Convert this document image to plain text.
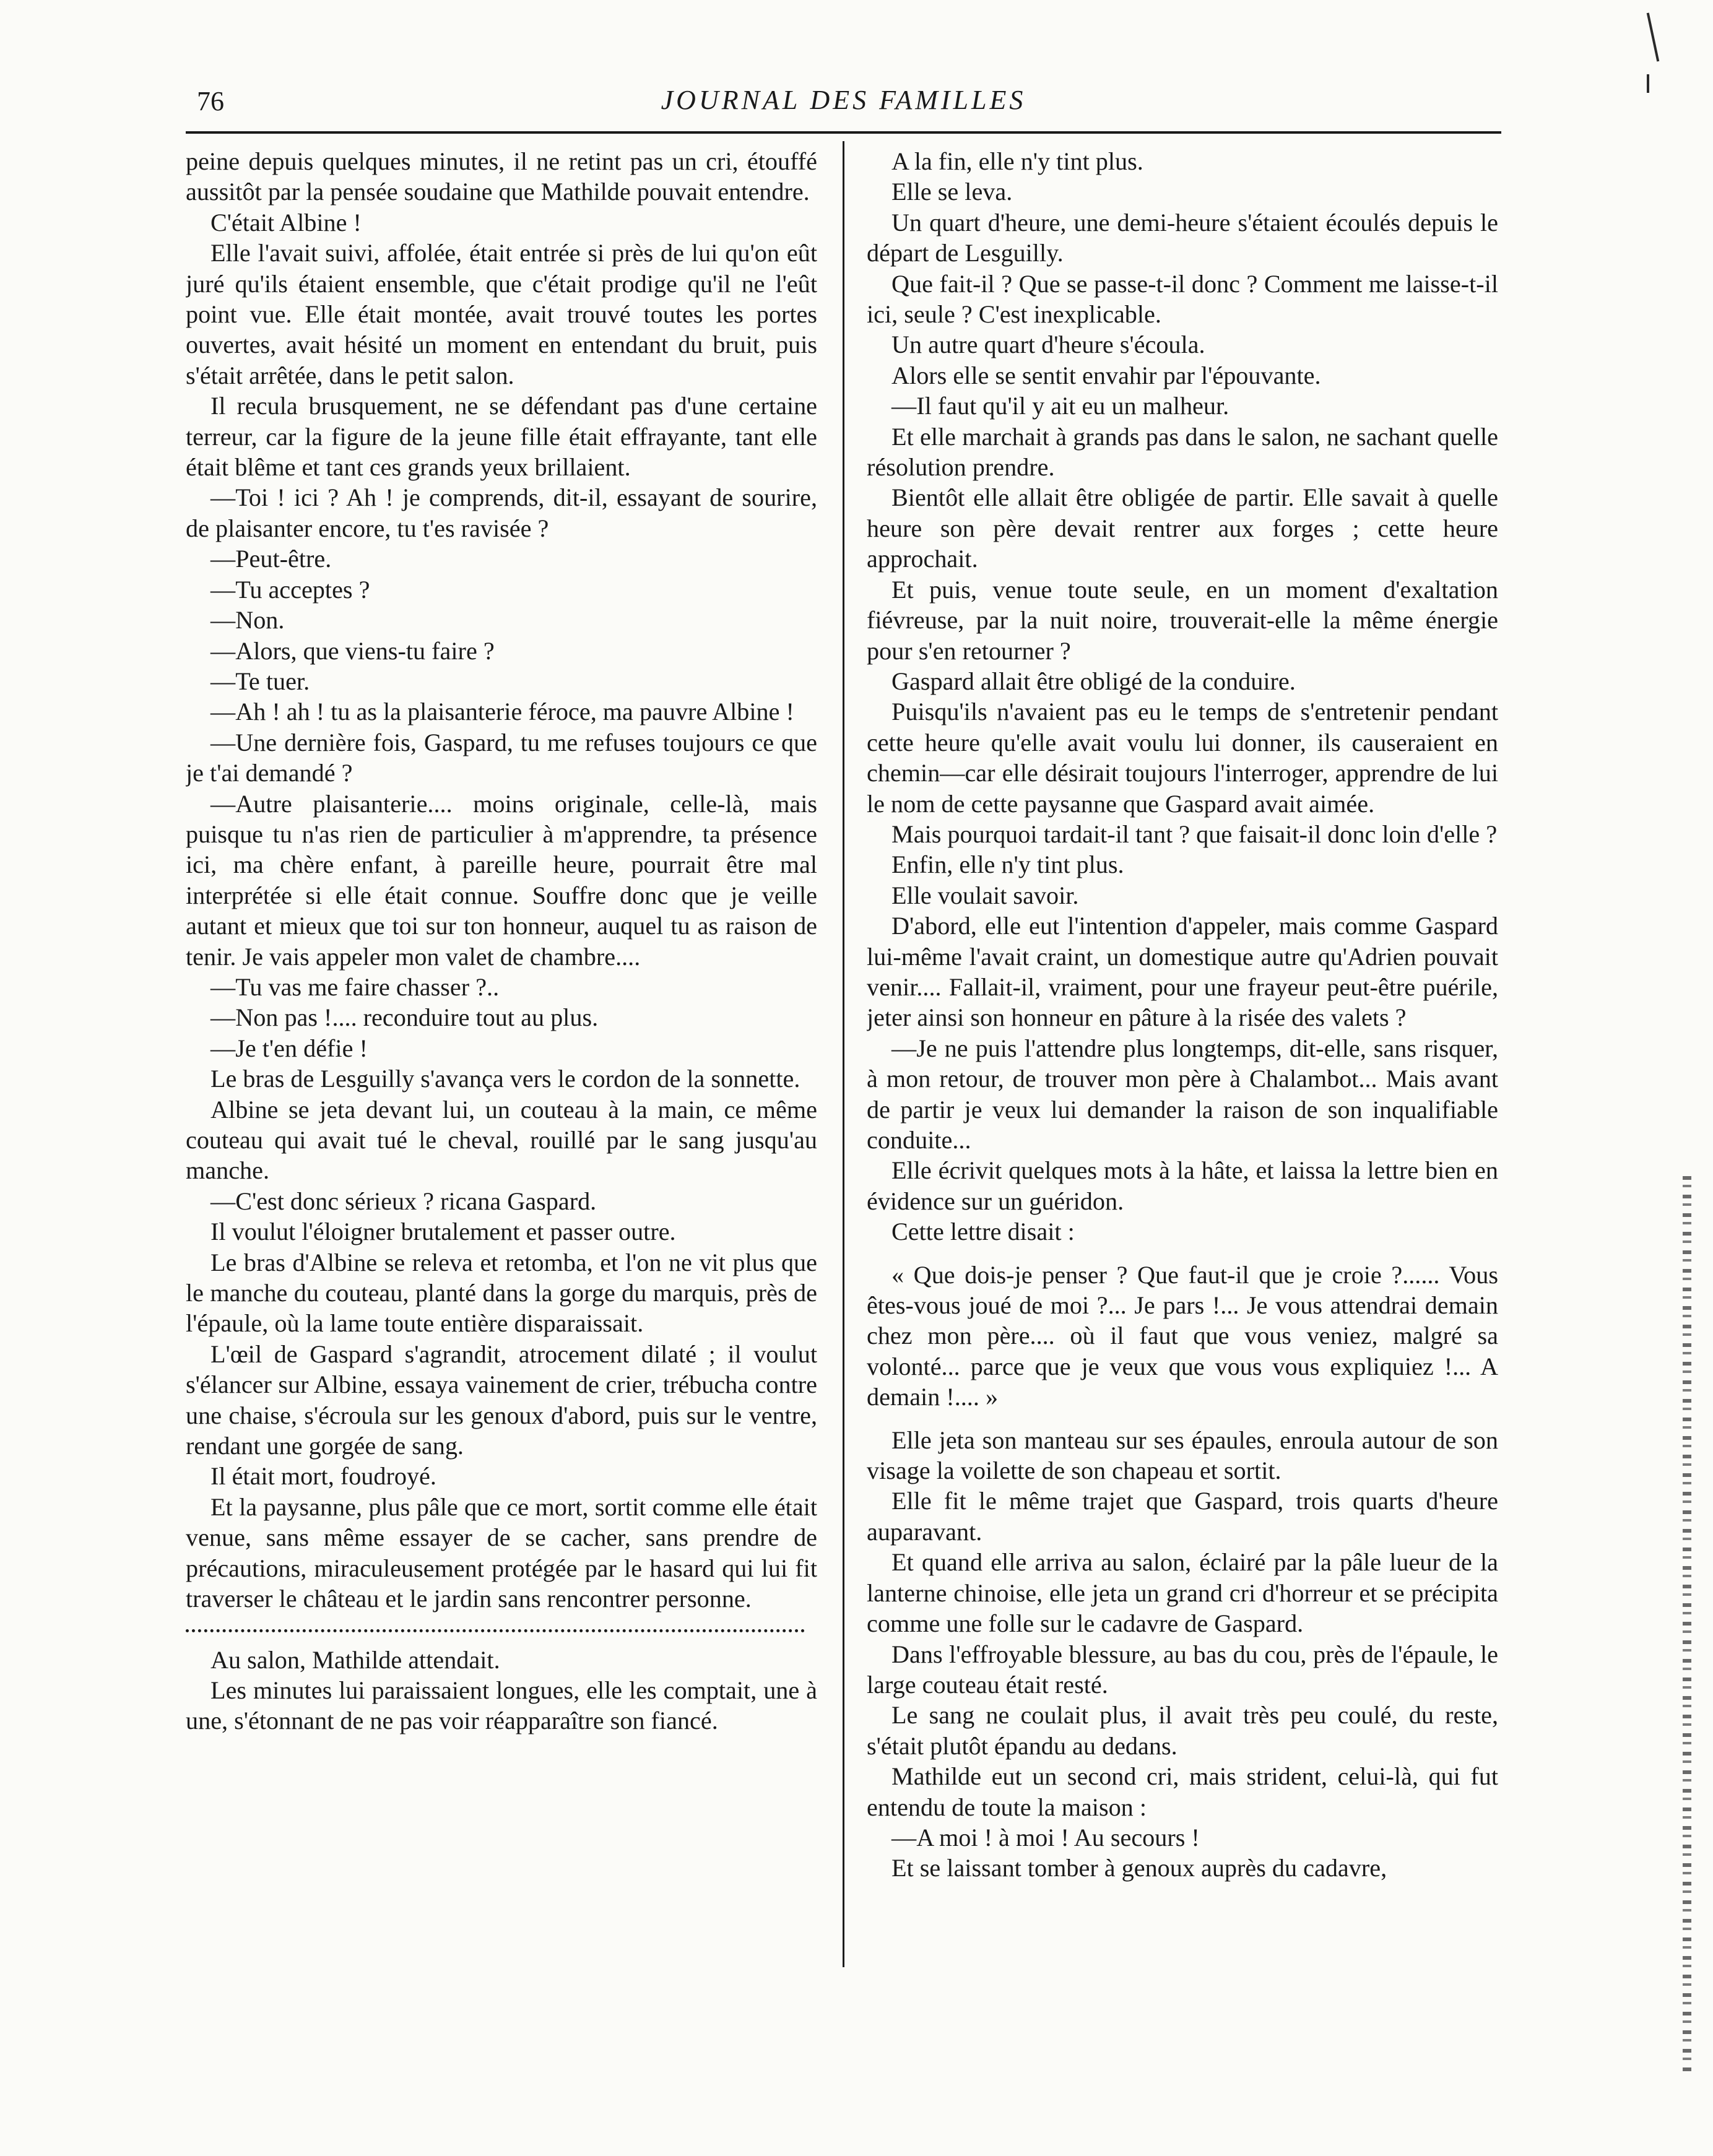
76	JOURNAL DES FAMILLES

peine depuis quelques minutes, il ne retint pas un cri, étouffé aussitôt par la pensée soudaine que Mathilde pouvait entendre.

C'était Albine !

Elle l'avait suivi, affolée, était entrée si près de lui qu'on eût juré qu'ils étaient ensemble, que c'était prodige qu'il ne l'eût point vue. Elle était montée, avait trouvé toutes les portes ouvertes, avait hésité un moment en entendant du bruit, puis s'était arrêtée, dans le petit salon.

Il recula brusquement, ne se défendant pas d'une certaine terreur, car la figure de la jeune fille était effrayante, tant elle était blême et tant ces grands yeux brillaient.

—Toi ! ici ? Ah ! je comprends, dit-il, essayant de sourire, de plaisanter encore, tu t'es ravisée ?

—Peut-être.

—Tu acceptes ?

—Non.

—Alors, que viens-tu faire ?

—Te tuer.

—Ah ! ah ! tu as la plaisanterie féroce, ma pauvre Albine !

—Une dernière fois, Gaspard, tu me refuses toujours ce que je t'ai demandé ?

—Autre plaisanterie.... moins originale, celle-là, mais puisque tu n'as rien de particulier à m'apprendre, ta présence ici, ma chère enfant, à pareille heure, pourrait être mal interprétée si elle était connue. Souffre donc que je veille autant et mieux que toi sur ton honneur, auquel tu as raison de tenir. Je vais appeler mon valet de chambre....

—Tu vas me faire chasser ?..

—Non pas !.... reconduire tout au plus.

—Je t'en défie !

Le bras de Lesguilly s'avança vers le cordon de la sonnette.

Albine se jeta devant lui, un couteau à la main, ce même couteau qui avait tué le cheval, rouillé par le sang jusqu'au manche.

—C'est donc sérieux ? ricana Gaspard.

Il voulut l'éloigner brutalement et passer outre.

Le bras d'Albine se releva et retomba, et l'on ne vit plus que le manche du couteau, planté dans la gorge du marquis, près de l'épaule, où la lame toute entière disparaissait.

L'œil de Gaspard s'agrandit, atrocement dilaté ; il voulut s'élancer sur Albine, essaya vainement de crier, trébucha contre une chaise, s'écroula sur les genoux d'abord, puis sur le ventre, rendant une gorgée de sang.

Il était mort, foudroyé.

Et la paysanne, plus pâle que ce mort, sortit comme elle était venue, sans même essayer de se cacher, sans prendre de précautions, miraculeusement protégée par le hasard qui lui fit traverser le château et le jardin sans rencontrer personne.

Au salon, Mathilde attendait.

Les minutes lui paraissaient longues, elle les comptait, une à une, s'étonnant de ne pas voir réapparaître son fiancé.

A la fin, elle n'y tint plus.

Elle se leva.

Un quart d'heure, une demi-heure s'étaient écoulés depuis le départ de Lesguilly.

Que fait-il ? Que se passe-t-il donc ? Comment me laisse-t-il ici, seule ? C'est inexplicable.

Un autre quart d'heure s'écoula.

Alors elle se sentit envahir par l'épouvante.

—Il faut qu'il y ait eu un malheur.

Et elle marchait à grands pas dans le salon, ne sachant quelle résolution prendre.

Bientôt elle allait être obligée de partir. Elle savait à quelle heure son père devait rentrer aux forges ; cette heure approchait.

Et puis, venue toute seule, en un moment d'exaltation fiévreuse, par la nuit noire, trouverait-elle la même énergie pour s'en retourner ?

Gaspard allait être obligé de la conduire.

Puisqu'ils n'avaient pas eu le temps de s'entretenir pendant cette heure qu'elle avait voulu lui donner, ils causeraient en chemin—car elle désirait toujours l'interroger, apprendre de lui le nom de cette paysanne que Gaspard avait aimée.

Mais pourquoi tardait-il tant ? que faisait-il donc loin d'elle ?

Enfin, elle n'y tint plus.

Elle voulait savoir.

D'abord, elle eut l'intention d'appeler, mais comme Gaspard lui-même l'avait craint, un domestique autre qu'Adrien pouvait venir.... Fallait-il, vraiment, pour une frayeur peut-être puérile, jeter ainsi son honneur en pâture à la risée des valets ?

—Je ne puis l'attendre plus longtemps, dit-elle, sans risquer, à mon retour, de trouver mon père à Chalambot... Mais avant de partir je veux lui demander la raison de son inqualifiable conduite...

Elle écrivit quelques mots à la hâte, et laissa la lettre bien en évidence sur un guéridon.

Cette lettre disait :

« Que dois-je penser ? Que faut-il que je croie ?...... Vous êtes-vous joué de moi ?... Je pars !... Je vous attendrai demain chez mon père.... où il faut que vous veniez, malgré sa volonté... parce que je veux que vous vous expliquiez !... A demain !.... »

Elle jeta son manteau sur ses épaules, enroula autour de son visage la voilette de son chapeau et sortit.

Elle fit le même trajet que Gaspard, trois quarts d'heure auparavant.

Et quand elle arriva au salon, éclairé par la pâle lueur de la lanterne chinoise, elle jeta un grand cri d'horreur et se précipita comme une folle sur le cadavre de Gaspard.

Dans l'effroyable blessure, au bas du cou, près de l'épaule, le large couteau était resté.

Le sang ne coulait plus, il avait très peu coulé, du reste, s'était plutôt épandu au dedans.

Mathilde eut un second cri, mais strident, celui-là, qui fut entendu de toute la maison :

—A moi ! à moi ! Au secours !

Et se laissant tomber à genoux auprès du cadavre,
